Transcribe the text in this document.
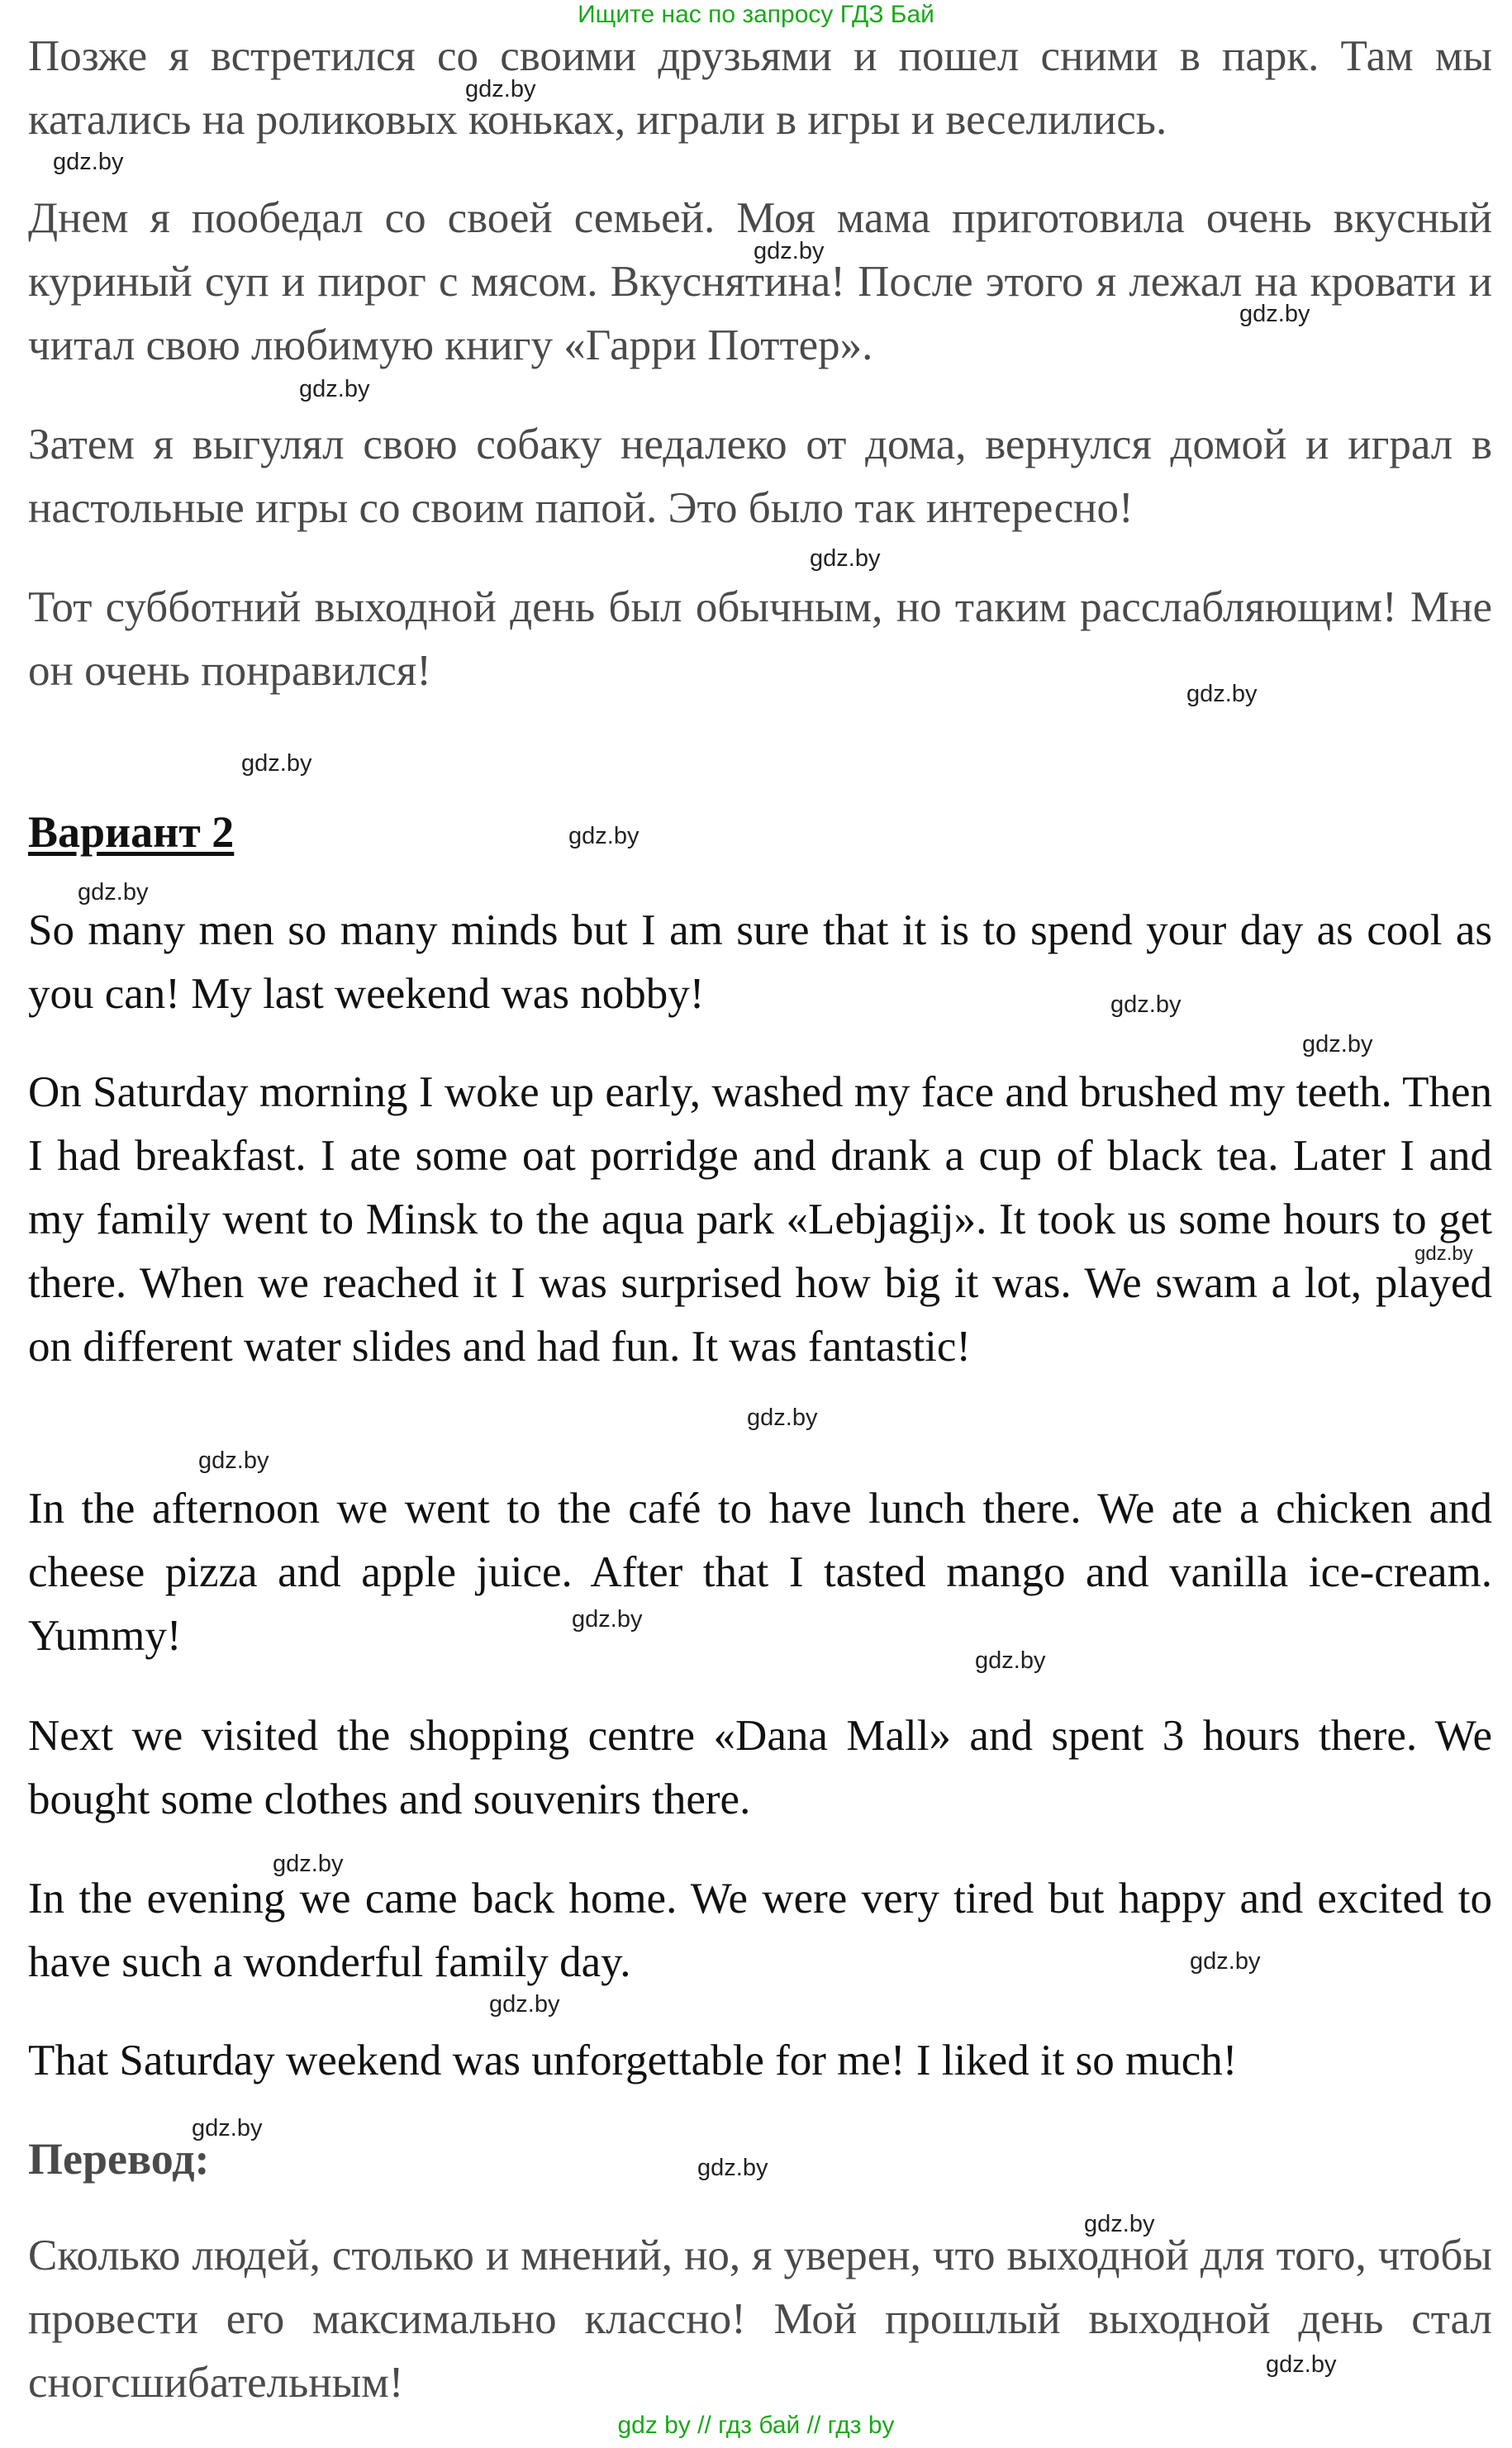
Ищите нас по запросу ГДЗ Бай

Позже я встретился со своими друзьями и пошел сними в парк. Там мы катались на роликовых коньках, играли в игры и веселились.

Днем я пообедал со своей семьей. Моя мама приготовила очень вкусный куриный суп и пирог с мясом. Вкуснятина! После этого я лежал на кровати и читал свою любимую книгу «Гарри Поттер».

Затем я выгулял свою собаку недалеко от дома, вернулся домой и играл в настольные игры со своим папой. Это было так интересно!

Тот субботний выходной день был обычным, но таким расслабляющим! Мне он очень понравился!

Вариант 2

So many men so many minds but I am sure that it is to spend your day as cool as you can! My last weekend was nobby!

On Saturday morning I woke up early, washed my face and brushed my teeth. Then I had breakfast. I ate some oat porridge and drank a cup of black tea. Later I and my family went to Minsk to the aqua park «Lebjagij». It took us some hours to get there. When we reached it I was surprised how big it was. We swam a lot, played on different water slides and had fun. It was fantastic!

In the afternoon we went to the café to have lunch there. We ate a chicken and cheese pizza and apple juice. After that I tasted mango and vanilla ice-cream. Yummy!

Next we visited the shopping centre «Dana Mall» and spent 3 hours there. We bought some clothes and souvenirs there.

In the evening we came back home. We were very tired but happy and excited to have such a wonderful family day.

That Saturday weekend was unforgettable for me! I liked it so much!

Перевод:

Сколько людей, столько и мнений, но, я уверен, что выходной для того, чтобы провести его максимально классно! Мой прошлый выходной день стал сногсшибательным!

gdz.by
gdz.by
gdz.by
gdz.by
gdz.by
gdz.by
gdz.by
gdz.by
gdz.by
gdz.by
gdz.by
gdz.by
gdz.by
gdz.by
gdz.by
gdz.by
gdz.by
gdz.by
gdz.by
gdz.by
gdz.by
gdz.by
gdz.by
gdz.by
gdz by // гдз бай // гдз by
